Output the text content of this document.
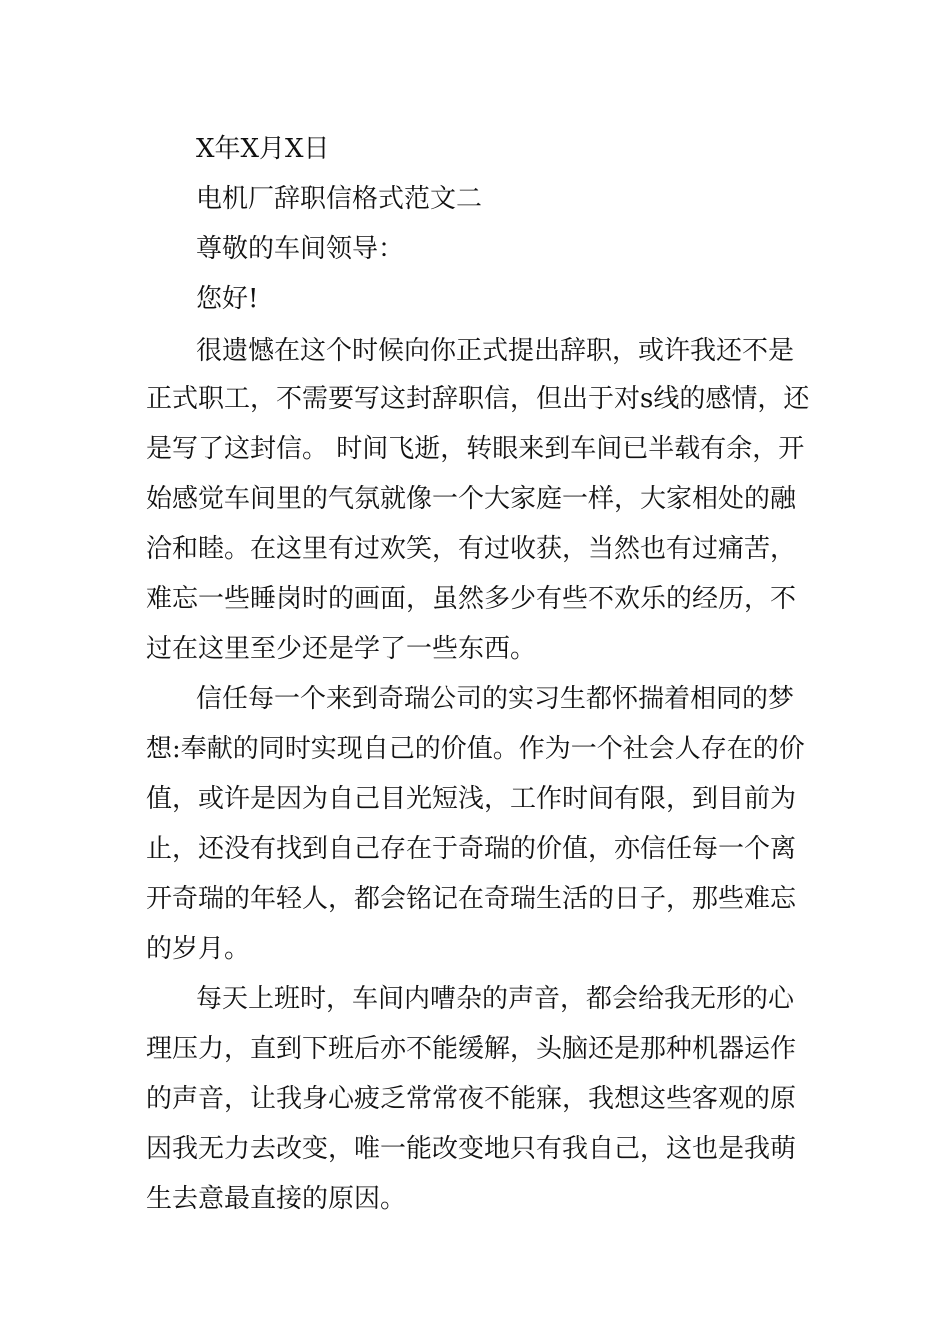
X年X月X日
电机厂辞职信格式范文二
尊敬的车间领导：
您好!
很遗憾在这个时候向你正式提出辞职，或许我还不是
正式职工，不需要写这封辞职信，但出于对s线的感情，还
是写了这封信。 时间飞逝，转眼来到车间已半载有余，开
始感觉车间里的气氛就像一个大家庭一样，大家相处的融
洽和睦。在这里有过欢笑，有过收获，当然也有过痛苦，
难忘一些睡岗时的画面，虽然多少有些不欢乐的经历，不
过在这里至少还是学了一些东西。
信任每一个来到奇瑞公司的实习生都怀揣着相同的梦
想:奉献的同时实现自己的价值。作为一个社会人存在的价
值，或许是因为自己目光短浅，工作时间有限，到目前为
止，还没有找到自己存在于奇瑞的价值，亦信任每一个离
开奇瑞的年轻人，都会铭记在奇瑞生活的日子，那些难忘
的岁月。
每天上班时，车间内嘈杂的声音，都会给我无形的心
理压力，直到下班后亦不能缓解，头脑还是那种机器运作
的声音，让我身心疲乏常常夜不能寐，我想这些客观的原
因我无力去改变，唯一能改变地只有我自己，这也是我萌
生去意最直接的原因。
